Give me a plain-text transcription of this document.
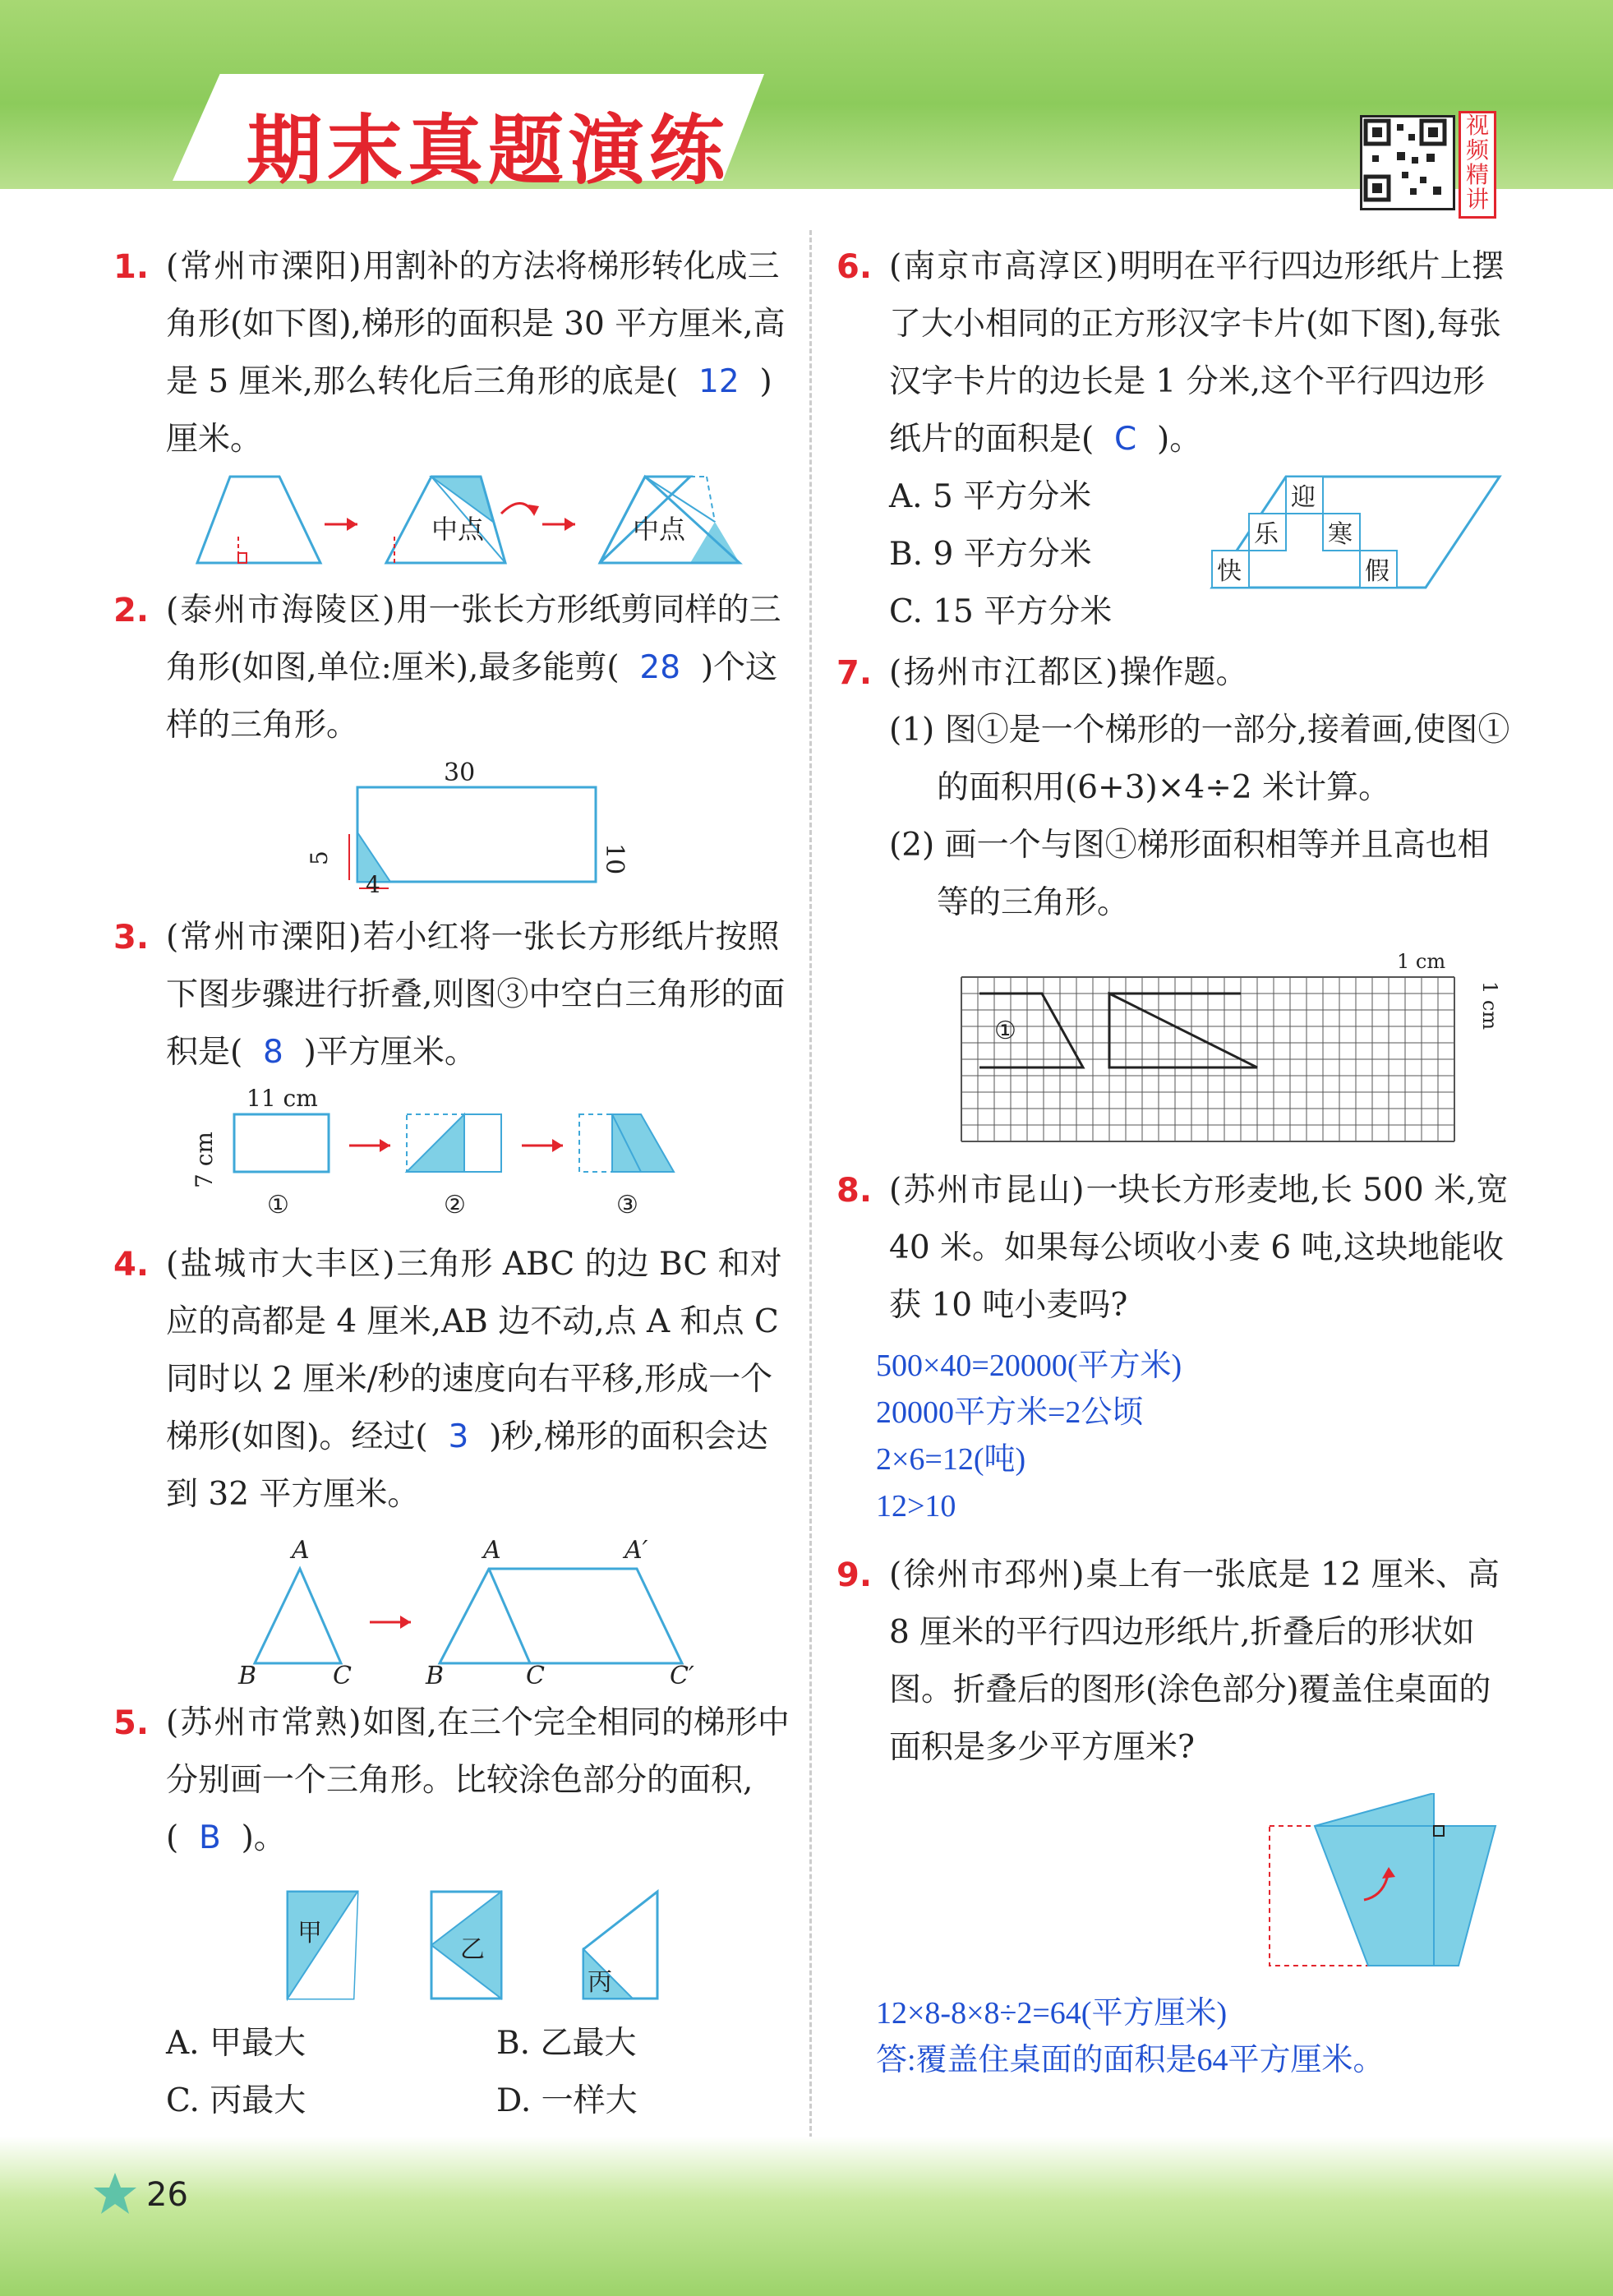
期末真题演练	视频精讲
1. (常州市溧阳)用割补的方法将梯形转化成三角形(如下图),梯形的面积是 30 平方厘米,高是 5 厘米,那么转化后三角形的底是( 12 )厘米。
中点	中点
2. (泰州市海陵区)用一张长方形纸剪同样的三角形(如图,单位:厘米),最多能剪( 28 )个这样的三角形。
30
10
5
4
3. (常州市溧阳)若小红将一张长方形纸片按照下图步骤进行折叠,则图③中空白三角形的面积是( 8 )平方厘米。
11 cm
7 cm
①	②	③
4. (盐城市大丰区)三角形 ABC 的边 BC 和对应的高都是 4 厘米,AB 边不动,点 A 和点 C 同时以 2 厘米/秒的速度向右平移,形成一个梯形(如图)。经过( 3 )秒,梯形的面积会达到 32 平方厘米。
A
B	C
A	A′
B	C	C′
5. (苏州市常熟)如图,在三个完全相同的梯形中分别画一个三角形。比较涂色部分的面积,( B )。
甲
乙
丙
A. 甲最大	B. 乙最大
C. 丙最大	D. 一样大
6. (南京市高淳区)明明在平行四边形纸片上摆了大小相同的正方形汉字卡片(如下图),每张汉字卡片的边长是 1 分米,这个平行四边形纸片的面积是( C )。
A. 5 平方分米
B. 9 平方分米
C. 15 平方分米
迎
乐 寒
快	假
7. (扬州市江都区)操作题。
(1) 图①是一个梯形的一部分,接着画,使图①的面积用(6+3)×4÷2 米计算。
(2) 画一个与图①梯形面积相等并且高也相等的三角形。
1 cm
1 cm
①
8. (苏州市昆山)一块长方形麦地,长 500 米,宽 40 米。如果每公顷收小麦 6 吨,这块地能收获 10 吨小麦吗?
500×40=20000(平方米)
20000平方米=2公顷
2×6=12(吨)
12>10
9. (徐州市邳州)桌上有一张底是 12 厘米、高 8 厘米的平行四边形纸片,折叠后的形状如图。折叠后的图形(涂色部分)覆盖住桌面的面积是多少平方厘米?
12×8-8×8÷2=64(平方厘米)
答:覆盖住桌面的面积是64平方厘米。
26
